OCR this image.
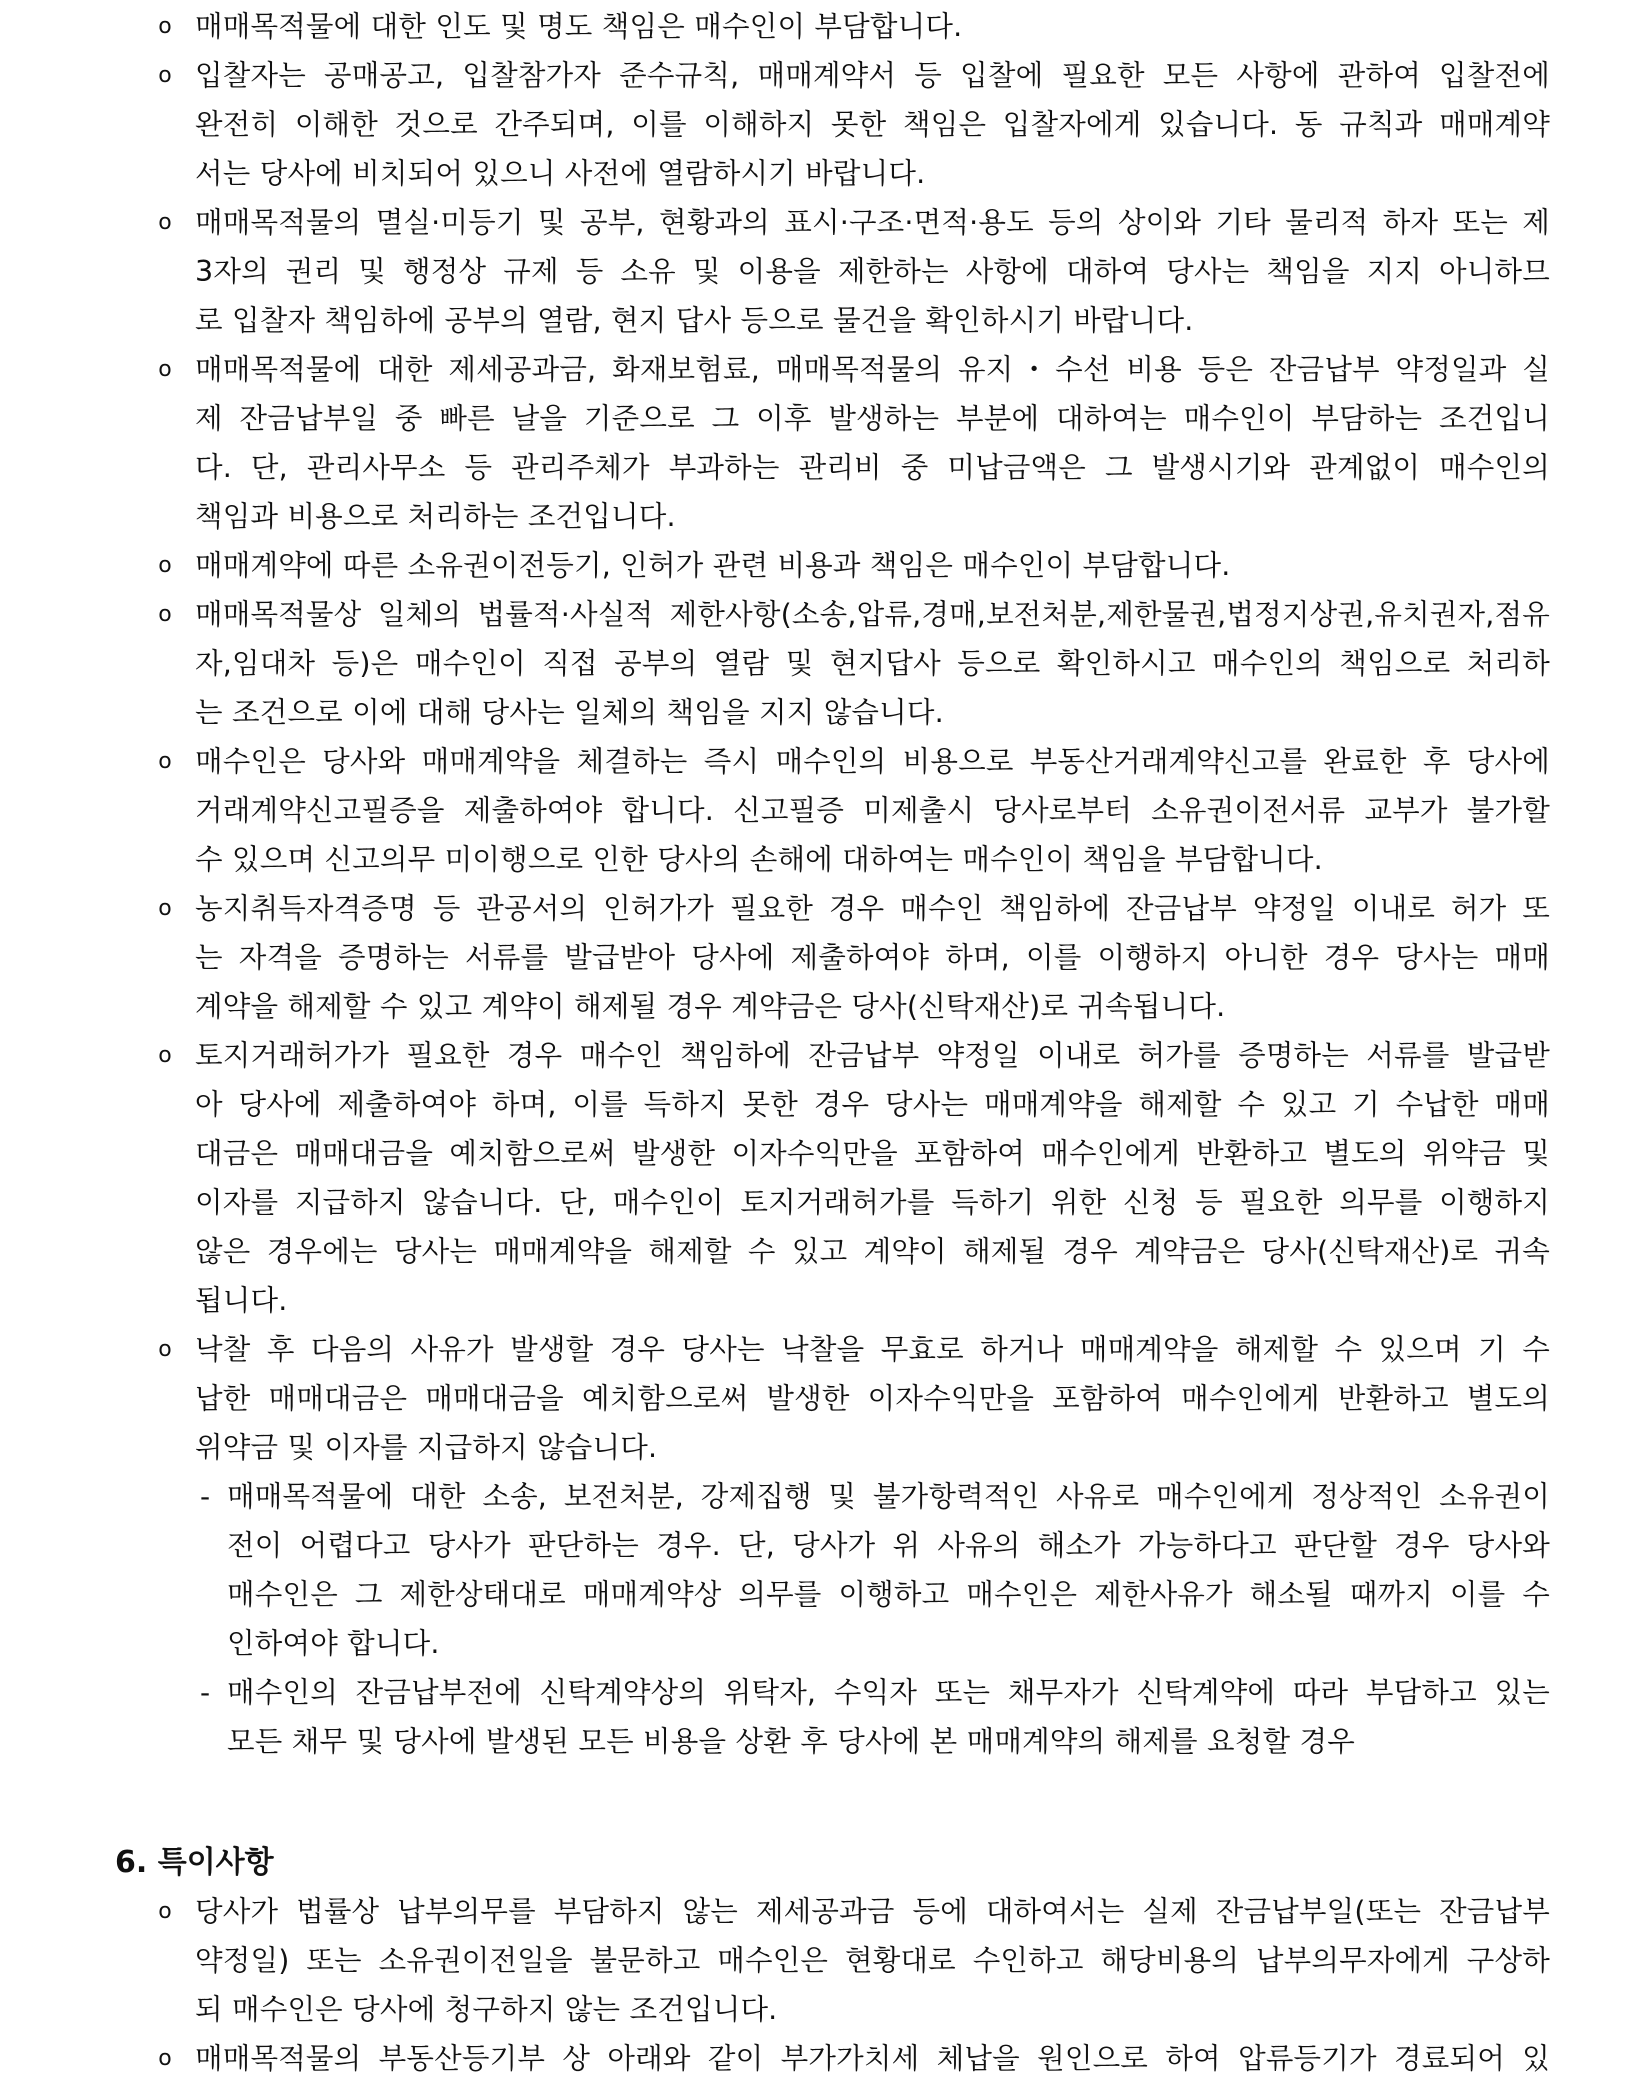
o 매매목적물에 대한 인도 및 명도 책임은 매수인이 부담합니다.
o 입찰자는 공매공고, 입찰참가자 준수규칙, 매매계약서 등 입찰에 필요한 모든 사항에 관하여 입찰전에
완전히 이해한 것으로 간주되며, 이를 이해하지 못한 책임은 입찰자에게 있습니다. 동 규칙과 매매계약
서는 당사에 비치되어 있으니 사전에 열람하시기 바랍니다.
o 매매목적물의 멸실·미등기 및 공부, 현황과의 표시·구조·면적·용도 등의 상이와 기타 물리적 하자 또는 제
3자의 권리 및 행정상 규제 등 소유 및 이용을 제한하는 사항에 대하여 당사는 책임을 지지 아니하므
로 입찰자 책임하에 공부의 열람, 현지 답사 등으로 물건을 확인하시기 바랍니다.
o 매매목적물에 대한 제세공과금, 화재보험료, 매매목적물의 유지・수선 비용 등은 잔금납부 약정일과 실
제 잔금납부일 중 빠른 날을 기준으로 그 이후 발생하는 부분에 대하여는 매수인이 부담하는 조건입니
다. 단, 관리사무소 등 관리주체가 부과하는 관리비 중 미납금액은 그 발생시기와 관계없이 매수인의
책임과 비용으로 처리하는 조건입니다.
o 매매계약에 따른 소유권이전등기, 인허가 관련 비용과 책임은 매수인이 부담합니다.
o 매매목적물상 일체의 법률적·사실적 제한사항(소송,압류,경매,보전처분,제한물권,법정지상권,유치권자,점유
자,임대차 등)은 매수인이 직접 공부의 열람 및 현지답사 등으로 확인하시고 매수인의 책임으로 처리하
는 조건으로 이에 대해 당사는 일체의 책임을 지지 않습니다.
o 매수인은 당사와 매매계약을 체결하는 즉시 매수인의 비용으로 부동산거래계약신고를 완료한 후 당사에
거래계약신고필증을 제출하여야 합니다. 신고필증 미제출시 당사로부터 소유권이전서류 교부가 불가할
수 있으며 신고의무 미이행으로 인한 당사의 손해에 대하여는 매수인이 책임을 부담합니다.
o 농지취득자격증명 등 관공서의 인허가가 필요한 경우 매수인 책임하에 잔금납부 약정일 이내로 허가 또
는 자격을 증명하는 서류를 발급받아 당사에 제출하여야 하며, 이를 이행하지 아니한 경우 당사는 매매
계약을 해제할 수 있고 계약이 해제될 경우 계약금은 당사(신탁재산)로 귀속됩니다.
o 토지거래허가가 필요한 경우 매수인 책임하에 잔금납부 약정일 이내로 허가를 증명하는 서류를 발급받
아 당사에 제출하여야 하며, 이를 득하지 못한 경우 당사는 매매계약을 해제할 수 있고 기 수납한 매매
대금은 매매대금을 예치함으로써 발생한 이자수익만을 포함하여 매수인에게 반환하고 별도의 위약금 및
이자를 지급하지 않습니다. 단, 매수인이 토지거래허가를 득하기 위한 신청 등 필요한 의무를 이행하지
않은 경우에는 당사는 매매계약을 해제할 수 있고 계약이 해제될 경우 계약금은 당사(신탁재산)로 귀속
됩니다.
o 낙찰 후 다음의 사유가 발생할 경우 당사는 낙찰을 무효로 하거나 매매계약을 해제할 수 있으며 기 수
납한 매매대금은 매매대금을 예치함으로써 발생한 이자수익만을 포함하여 매수인에게 반환하고 별도의
위약금 및 이자를 지급하지 않습니다.
- 매매목적물에 대한 소송, 보전처분, 강제집행 및 불가항력적인 사유로 매수인에게 정상적인 소유권이
전이 어렵다고 당사가 판단하는 경우. 단, 당사가 위 사유의 해소가 가능하다고 판단할 경우 당사와
매수인은 그 제한상태대로 매매계약상 의무를 이행하고 매수인은 제한사유가 해소될 때까지 이를 수
인하여야 합니다.
- 매수인의 잔금납부전에 신탁계약상의 위탁자, 수익자 또는 채무자가 신탁계약에 따라 부담하고 있는
모든 채무 및 당사에 발생된 모든 비용을 상환 후 당사에 본 매매계약의 해제를 요청할 경우
6. 특이사항
o 당사가 법률상 납부의무를 부담하지 않는 제세공과금 등에 대하여서는 실제 잔금납부일(또는 잔금납부
약정일) 또는 소유권이전일을 불문하고 매수인은 현황대로 수인하고 해당비용의 납부의무자에게 구상하
되 매수인은 당사에 청구하지 않는 조건입니다.
o 매매목적물의 부동산등기부 상 아래와 같이 부가가치세 체납을 원인으로 하여 압류등기가 경료되어 있
